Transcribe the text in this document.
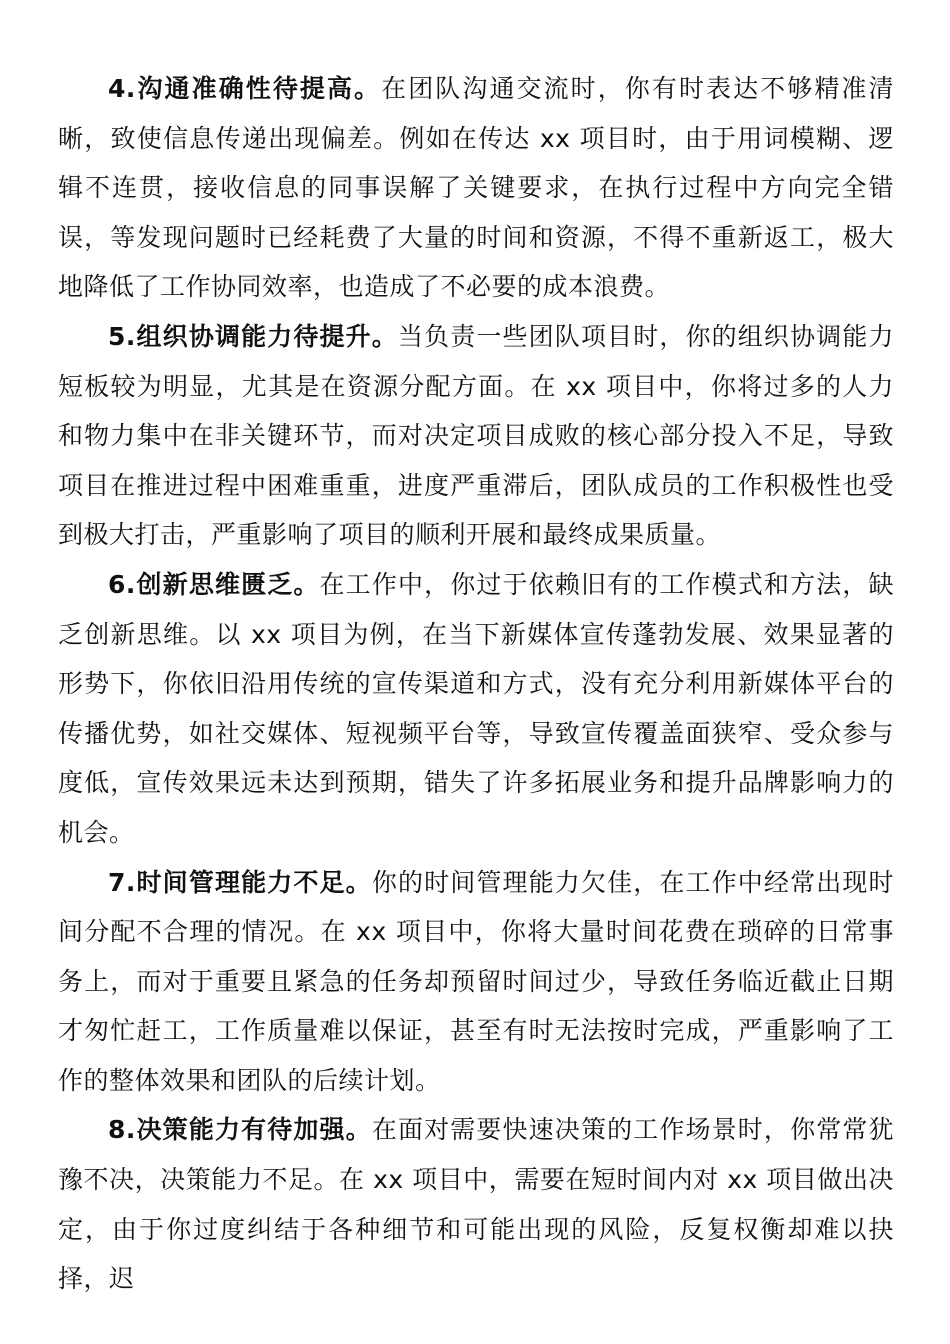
4.沟通准确性待提高。在团队沟通交流时，你有时表达不够精准清晰，致使信息传递出现偏差。例如在传达 xx 项目时，由于用词模糊、逻辑不连贯，接收信息的同事误解了关键要求，在执行过程中方向完全错误，等发现问题时已经耗费了大量的时间和资源，不得不重新返工，极大地降低了工作协同效率，也造成了不必要的成本浪费。

5.组织协调能力待提升。当负责一些团队项目时，你的组织协调能力短板较为明显，尤其是在资源分配方面。在 xx 项目中，你将过多的人力和物力集中在非关键环节，而对决定项目成败的核心部分投入不足，导致项目在推进过程中困难重重，进度严重滞后，团队成员的工作积极性也受到极大打击，严重影响了项目的顺利开展和最终成果质量。

6.创新思维匮乏。在工作中，你过于依赖旧有的工作模式和方法，缺乏创新思维。以 xx 项目为例，在当下新媒体宣传蓬勃发展、效果显著的形势下，你依旧沿用传统的宣传渠道和方式，没有充分利用新媒体平台的传播优势，如社交媒体、短视频平台等，导致宣传覆盖面狭窄、受众参与度低，宣传效果远未达到预期，错失了许多拓展业务和提升品牌影响力的机会。

7.时间管理能力不足。你的时间管理能力欠佳，在工作中经常出现时间分配不合理的情况。在 xx 项目中，你将大量时间花费在琐碎的日常事务上，而对于重要且紧急的任务却预留时间过少，导致任务临近截止日期才匆忙赶工，工作质量难以保证，甚至有时无法按时完成，严重影响了工作的整体效果和团队的后续计划。

8.决策能力有待加强。在面对需要快速决策的工作场景时，你常常犹豫不决，决策能力不足。在 xx 项目中，需要在短时间内对 xx 项目做出决定，由于你过度纠结于各种细节和可能出现的风险，反复权衡却难以抉择，迟
